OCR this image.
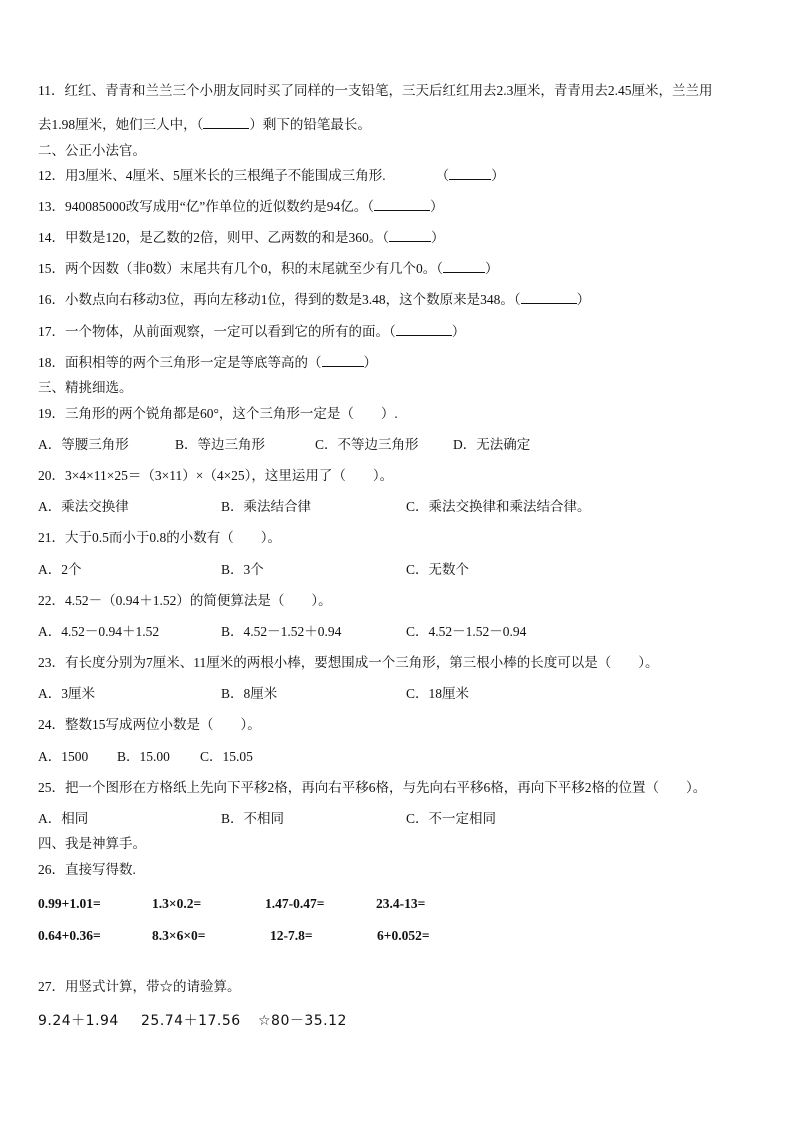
11．红红、青青和兰兰三个小朋友同时买了同样的一支铅笔，三天后红红用去2.3厘米，青青用去2.45厘米，兰兰用
去1.98厘米，她们三人中，（	）剩下的铅笔最长。
二、公正小法官。
12．用3厘米、4厘米、5厘米长的三根绳子不能围成三角形.	（	）
13．940085000改写成用“亿”作单位的近似数约是94亿。（	）
14．甲数是120，是乙数的2倍，则甲、乙两数的和是360。（	）
15．两个因数（非0数）末尾共有几个0，积的末尾就至少有几个0。（	）
16．小数点向右移动3位，再向左移动1位，得到的数是3.48，这个数原来是348。（	）
17．一个物体，从前面观察，一定可以看到它的所有的面。（	）
18．面积相等的两个三角形一定是等底等高的（	）
三、精挑细选。
19．三角形的两个锐角都是60°，这个三角形一定是（　　）.
A．等腰三角形	B．等边三角形	C．不等边三角形	D．无法确定
20．3×4×11×25＝（3×11）×（4×25），这里运用了（　　）。
A．乘法交换律	B．乘法结合律	C．乘法交换律和乘法结合律。
21．大于0.5而小于0.8的小数有（　　）。
A．2个	B．3个	C．无数个
22．4.52－（0.94＋1.52）的简便算法是（　　）。
A．4.52－0.94＋1.52	B．4.52－1.52＋0.94	C．4.52－1.52－0.94
23．有长度分别为7厘米、11厘米的两根小棒，要想围成一个三角形，第三根小棒的长度可以是（　　）。
A．3厘米	B．8厘米	C．18厘米
24．整数15写成两位小数是（　　）。
A．1500 B．15.00 C．15.05
25．把一个图形在方格纸上先向下平移2格，再向右平移6格，与先向右平移6格，再向下平移2格的位置（　　）。
A．相同	B．不相同	C．不一定相同
四、我是神算手。
26．直接写得数.
0.99+1.01=	1.3×0.2=	1.47-0.47=	23.4-13=
0.64+0.36=	8.3×6×0=	12-7.8=	6+0.052=
27．用竖式计算，带☆的请验算。
9.24＋1.94 25.74＋17.56 ☆80－35.12
